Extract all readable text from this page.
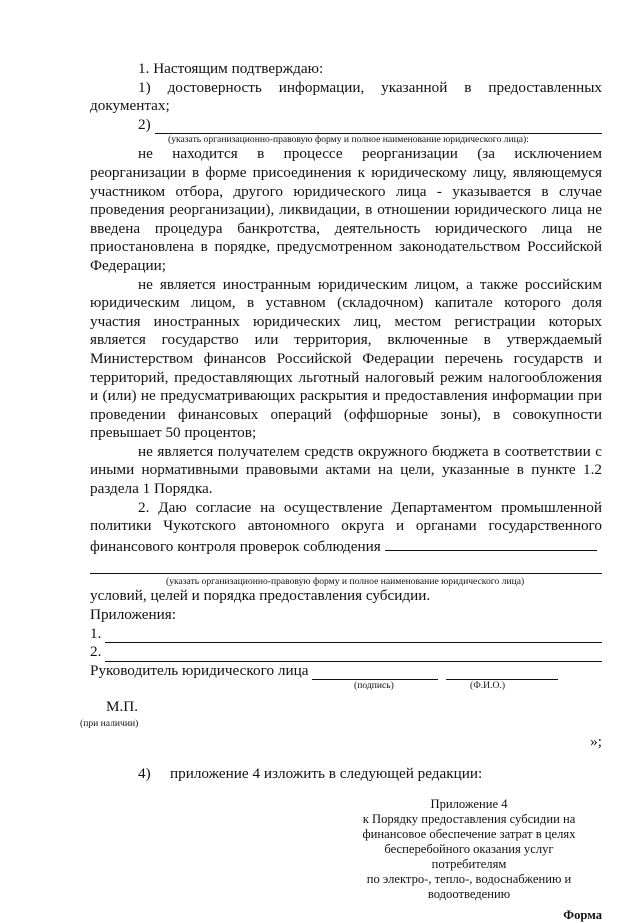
1. Настоящим подтверждаю:

1) достоверность информации, указанной в предоставленных документах;

2)

(указать организационно-правовую форму и полное наименование юридического лица):

не находится в процессе реорганизации (за исключением реорганизации в форме присоединения к юридическому лицу, являющемуся участником отбора, другого юридического лица - указывается в случае проведения реорганизации), ликвидации, в отношении юридического лица не введена процедура банкротства, деятельность юридического лица не приостановлена в порядке, предусмотренном законодательством Российской Федерации;

не является иностранным юридическим лицом, а также российским юридическим лицом, в уставном (складочном) капитале которого доля участия иностранных юридических лиц, местом регистрации которых является государство или территория, включенные в утверждаемый Министерством финансов Российской Федерации перечень государств и территорий, предоставляющих льготный налоговый режим налогообложения и (или) не предусматривающих раскрытия и предоставления информации при проведении финансовых операций (оффшорные зоны), в совокупности превышает 50 процентов;

не является получателем средств окружного бюджета в соответствии с иными нормативными правовыми актами на цели, указанные в пункте 1.2 раздела 1 Порядка.

2. Даю согласие на осуществление Департаментом промышленной политики Чукотского автономного округа и органами государственного финансового контроля проверок соблюдения

(указать организационно-правовую форму и полное наименование юридического лица)

условий, целей и порядка предоставления субсидии.

Приложения:

1.
2.
Руководитель юридического лица
(подпись)	(Ф.И.О.)

М.П.

(при наличии)

»;

4)	приложение 4 изложить в следующей редакции:

Приложение 4

к Порядку предоставления субсидии на

финансовое обеспечение затрат в целях

бесперебойного оказания услуг потребителям

по электро-, тепло-, водоснабжению и

водоотведению

Форма
